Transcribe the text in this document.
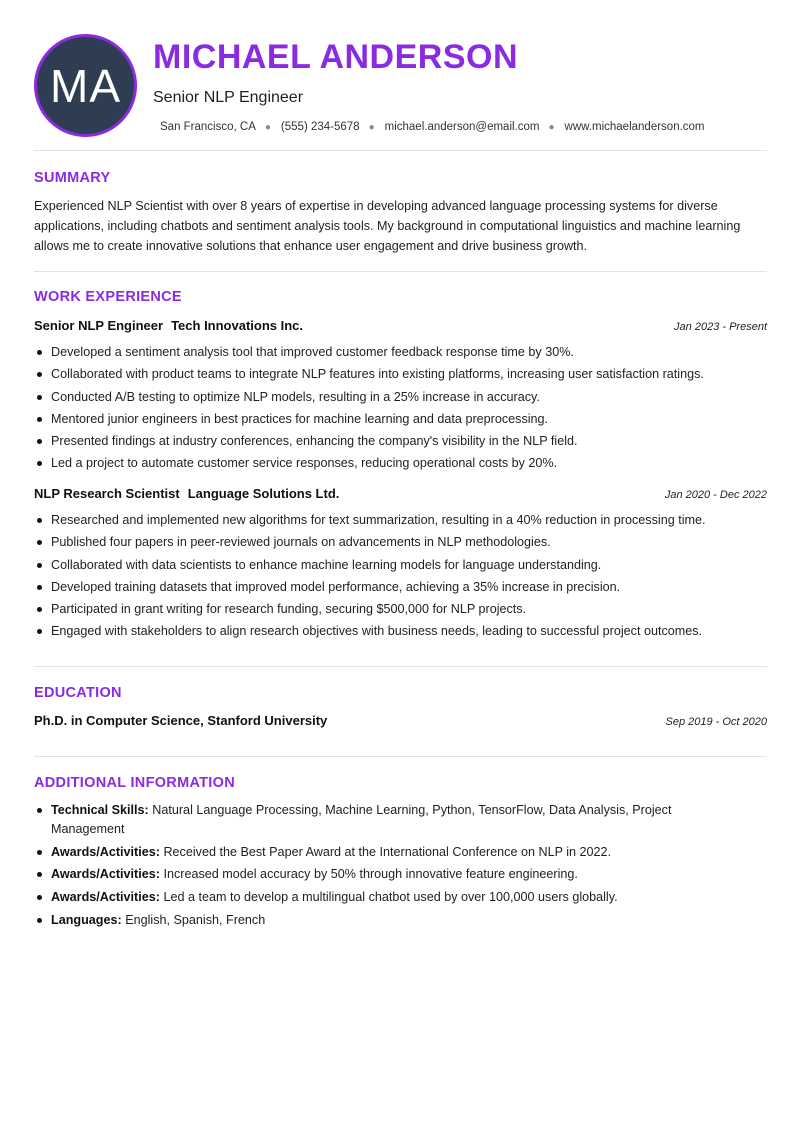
MA
MICHAEL ANDERSON
Senior NLP Engineer
San Francisco, CA ● (555) 234-5678 ● michael.anderson@email.com ● www.michaelanderson.com
SUMMARY
Experienced NLP Scientist with over 8 years of expertise in developing advanced language processing systems for diverse applications, including chatbots and sentiment analysis tools. My background in computational linguistics and machine learning allows me to create innovative solutions that enhance user engagement and drive business growth.
WORK EXPERIENCE
Senior NLP Engineer Tech Innovations Inc.	Jan 2023 - Present
Developed a sentiment analysis tool that improved customer feedback response time by 30%.
Collaborated with product teams to integrate NLP features into existing platforms, increasing user satisfaction ratings.
Conducted A/B testing to optimize NLP models, resulting in a 25% increase in accuracy.
Mentored junior engineers in best practices for machine learning and data preprocessing.
Presented findings at industry conferences, enhancing the company's visibility in the NLP field.
Led a project to automate customer service responses, reducing operational costs by 20%.
NLP Research Scientist Language Solutions Ltd.	Jan 2020 - Dec 2022
Researched and implemented new algorithms for text summarization, resulting in a 40% reduction in processing time.
Published four papers in peer-reviewed journals on advancements in NLP methodologies.
Collaborated with data scientists to enhance machine learning models for language understanding.
Developed training datasets that improved model performance, achieving a 35% increase in precision.
Participated in grant writing for research funding, securing $500,000 for NLP projects.
Engaged with stakeholders to align research objectives with business needs, leading to successful project outcomes.
EDUCATION
Ph.D. in Computer Science, Stanford University	Sep 2019 - Oct 2020
ADDITIONAL INFORMATION
Technical Skills: Natural Language Processing, Machine Learning, Python, TensorFlow, Data Analysis, Project Management
Awards/Activities: Received the Best Paper Award at the International Conference on NLP in 2022.
Awards/Activities: Increased model accuracy by 50% through innovative feature engineering.
Awards/Activities: Led a team to develop a multilingual chatbot used by over 100,000 users globally.
Languages: English, Spanish, French
